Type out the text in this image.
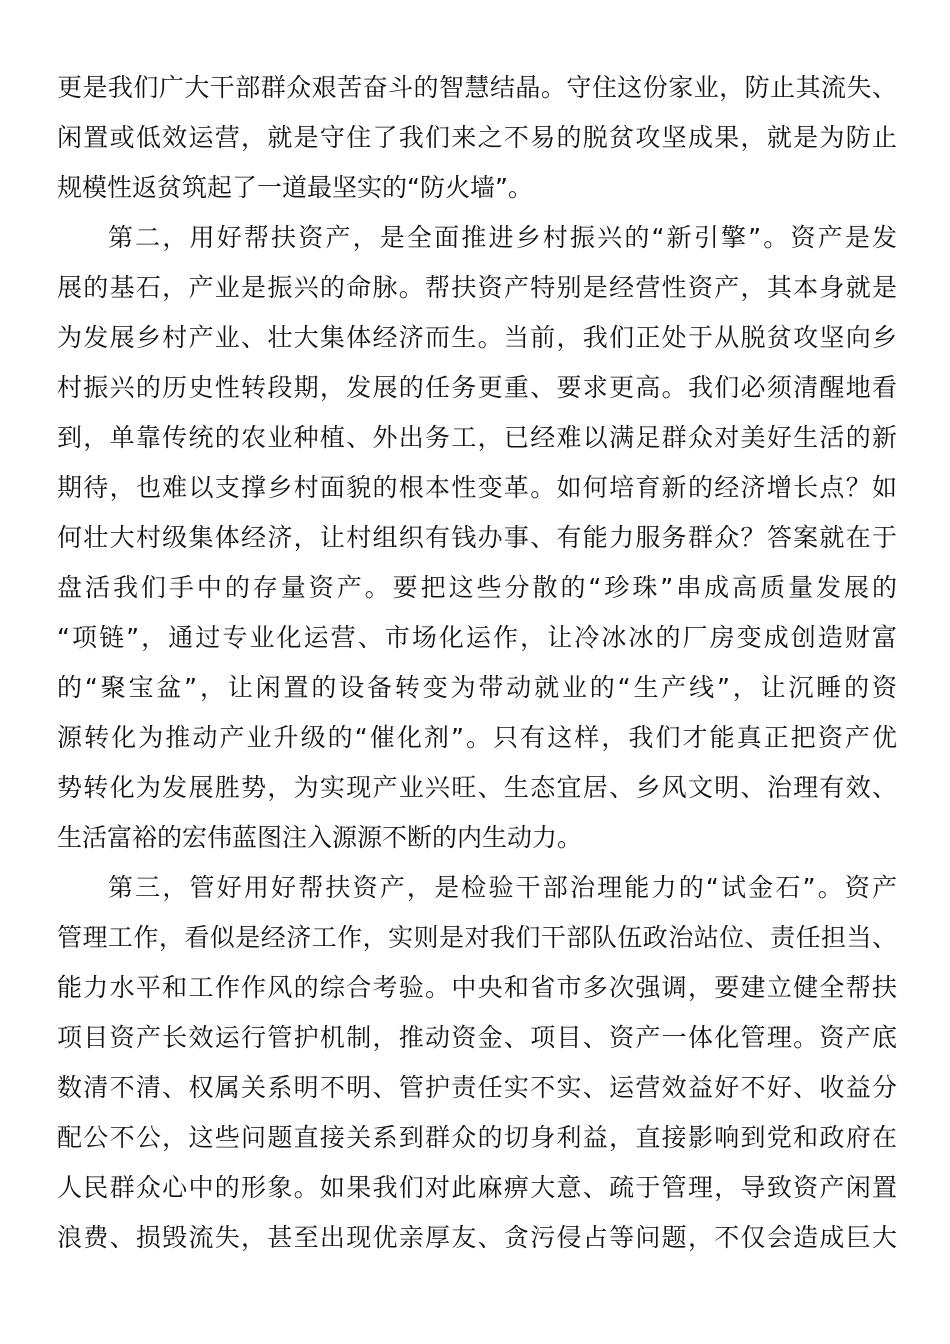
更是我们广大干部群众艰苦奋斗的智慧结晶。守住这份家业，防止其流失、
闲置或低效运营，就是守住了我们来之不易的脱贫攻坚成果，就是为防止
规模性返贫筑起了一道最坚实的“防火墙”。
第二，用好帮扶资产，是全面推进乡村振兴的“新引擎”。资产是发
展的基石，产业是振兴的命脉。帮扶资产特别是经营性资产，其本身就是
为发展乡村产业、壮大集体经济而生。当前，我们正处于从脱贫攻坚向乡
村振兴的历史性转段期，发展的任务更重、要求更高。我们必须清醒地看
到，单靠传统的农业种植、外出务工，已经难以满足群众对美好生活的新
期待，也难以支撑乡村面貌的根本性变革。如何培育新的经济增长点？如
何壮大村级集体经济，让村组织有钱办事、有能力服务群众？答案就在于
盘活我们手中的存量资产。要把这些分散的“珍珠”串成高质量发展的
“项链”，通过专业化运营、市场化运作，让冷冰冰的厂房变成创造财富
的“聚宝盆”，让闲置的设备转变为带动就业的“生产线”，让沉睡的资
源转化为推动产业升级的“催化剂”。只有这样，我们才能真正把资产优
势转化为发展胜势，为实现产业兴旺、生态宜居、乡风文明、治理有效、
生活富裕的宏伟蓝图注入源源不断的内生动力。
第三，管好用好帮扶资产，是检验干部治理能力的“试金石”。资产
管理工作，看似是经济工作，实则是对我们干部队伍政治站位、责任担当、
能力水平和工作作风的综合考验。中央和省市多次强调，要建立健全帮扶
项目资产长效运行管护机制，推动资金、项目、资产一体化管理。资产底
数清不清、权属关系明不明、管护责任实不实、运营效益好不好、收益分
配公不公，这些问题直接关系到群众的切身利益，直接影响到党和政府在
人民群众心中的形象。如果我们对此麻痹大意、疏于管理，导致资产闲置
浪费、损毁流失，甚至出现优亲厚友、贪污侵占等问题，不仅会造成巨大
